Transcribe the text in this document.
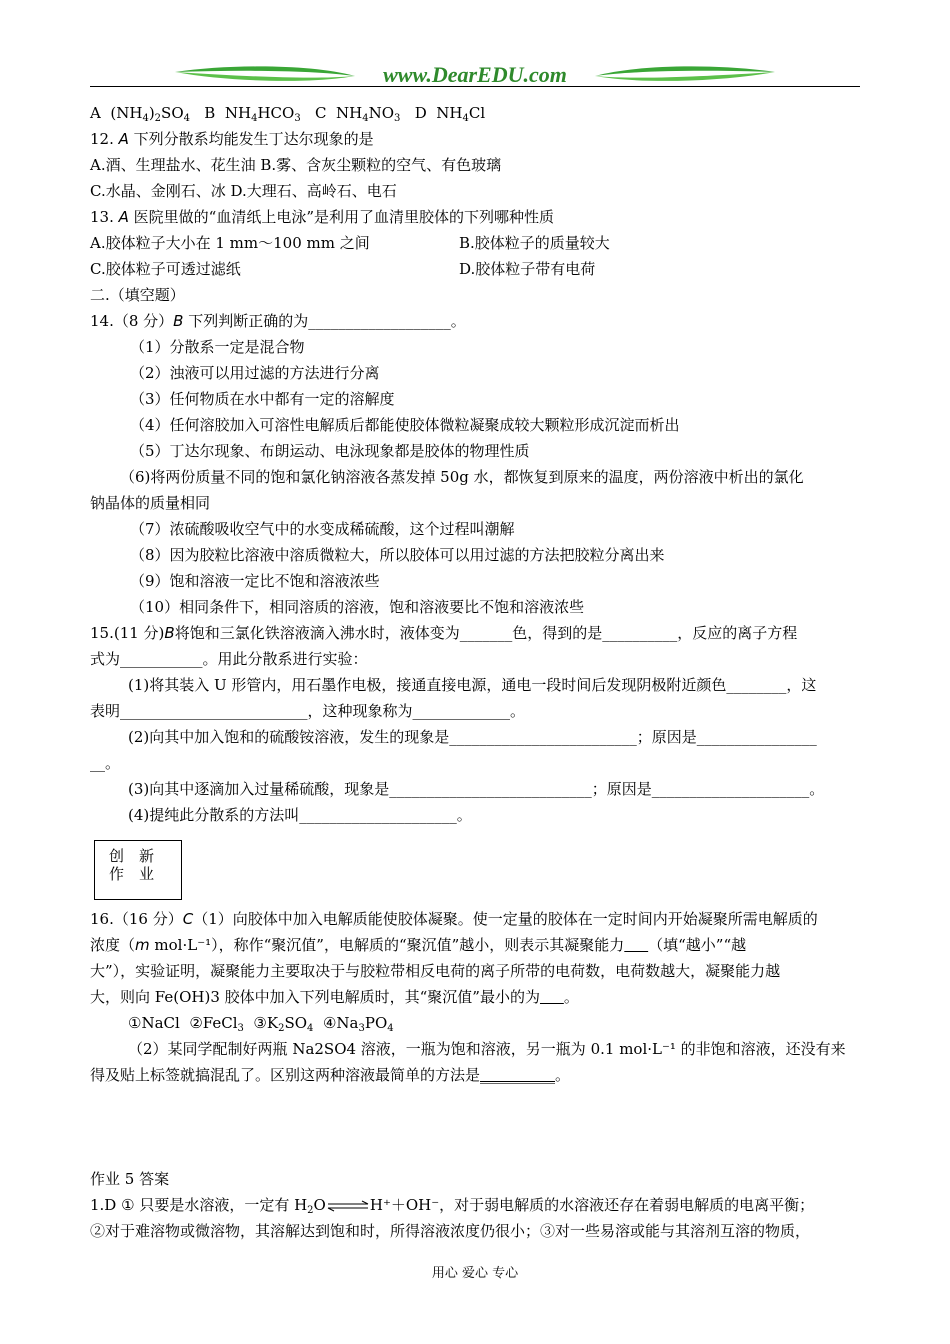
www.DearEDU.com
A  $(NH_4)_2SO_4$   B  $NH_4HCO_3$   C  $NH_4NO_3$   D  $NH_4Cl$
12. A 下列分散系均能发生丁达尔现象的是
A.酒、生理盐水、花生油 B.雾、含灰尘颗粒的空气、有色玻璃
C.水晶、金刚石、冰 D.大理石、高岭石、电石
13. A 医院里做的“血清纸上电泳”是利用了血清里胶体的下列哪种性质
A.胶体粒子大小在 1 mm～100 mm 之间	B.胶体粒子的质量较大
C.胶体粒子可透过滤纸	D.胶体粒子带有电荷
二.（填空题）
14.（8 分）B 下列判断正确的为___________________。
（1）分散系一定是混合物
（2）浊液可以用过滤的方法进行分离
（3）任何物质在水中都有一定的溶解度
（4）任何溶胶加入可溶性电解质后都能使胶体微粒凝聚成较大颗粒形成沉淀而析出
（5）丁达尔现象、布朗运动、电泳现象都是胶体的物理性质
（6)将两份质量不同的饱和氯化钠溶液各蒸发掉 50g 水，都恢复到原来的温度，两份溶液中析出的氯化
钠晶体的质量相同
（7）浓硫酸吸收空气中的水变成稀硫酸，这个过程叫潮解
（8）因为胶粒比溶液中溶质微粒大，所以胶体可以用过滤的方法把胶粒分离出来
（9）饱和溶液一定比不饱和溶液浓些
（10）相同条件下，相同溶质的溶液，饱和溶液要比不饱和溶液浓些
15.(11 分)B将饱和三氯化铁溶液滴入沸水时，液体变为_______色，得到的是__________，反应的离子方程
式为___________。用此分散系进行实验：
(1)将其装入 U 形管内，用石墨作电极，接通直接电源，通电一段时间后发现阴极附近颜色________，这
表明_________________________，这种现象称为_____________。
(2)向其中加入饱和的硫酸铵溶液，发生的现象是_________________________；原因是________________
__。
(3)向其中逐滴加入过量稀硫酸，现象是___________________________；原因是_____________________。
(4)提纯此分散系的方法叫_____________________。
创 新
作 业
16.（16 分）C（1）向胶体中加入电解质能使胶体凝聚。使一定量的胶体在一定时间内开始凝聚所需电解质的
浓度（m mol·L⁻¹），称作“聚沉值”，电解质的“聚沉值”越小，则表示其凝聚能力 （填“越小”“越
大”），实验证明，凝聚能力主要取决于与胶粒带相反电荷的离子所带的电荷数，电荷数越大，凝聚能力越
大，则向 Fe(OH)3 胶体中加入下列电解质时，其“聚沉值”最小的为 。
①NaCl  ②FeCl$_3$  $③K_2SO_4$  $④Na_3PO_4$
（2）某同学配制好两瓶 Na2SO4 溶液，一瓶为饱和溶液，另一瓶为 0.1 mol·L⁻¹ 的非饱和溶液，还没有来
得及贴上标签就搞混乱了。区别这两种溶液最简单的方法是__________。
作业 5 答案
1.D ① 只要是水溶液，一定有 $H_2O\rightleftharpoons H^++OH^-$，对于弱电解质的水溶液还存在着弱电解质的电离平衡；
②对于难溶物或微溶物，其溶解达到饱和时，所得溶液浓度仍很小；③对一些易溶或能与其溶剂互溶的物质，
用心 爱心 专心
